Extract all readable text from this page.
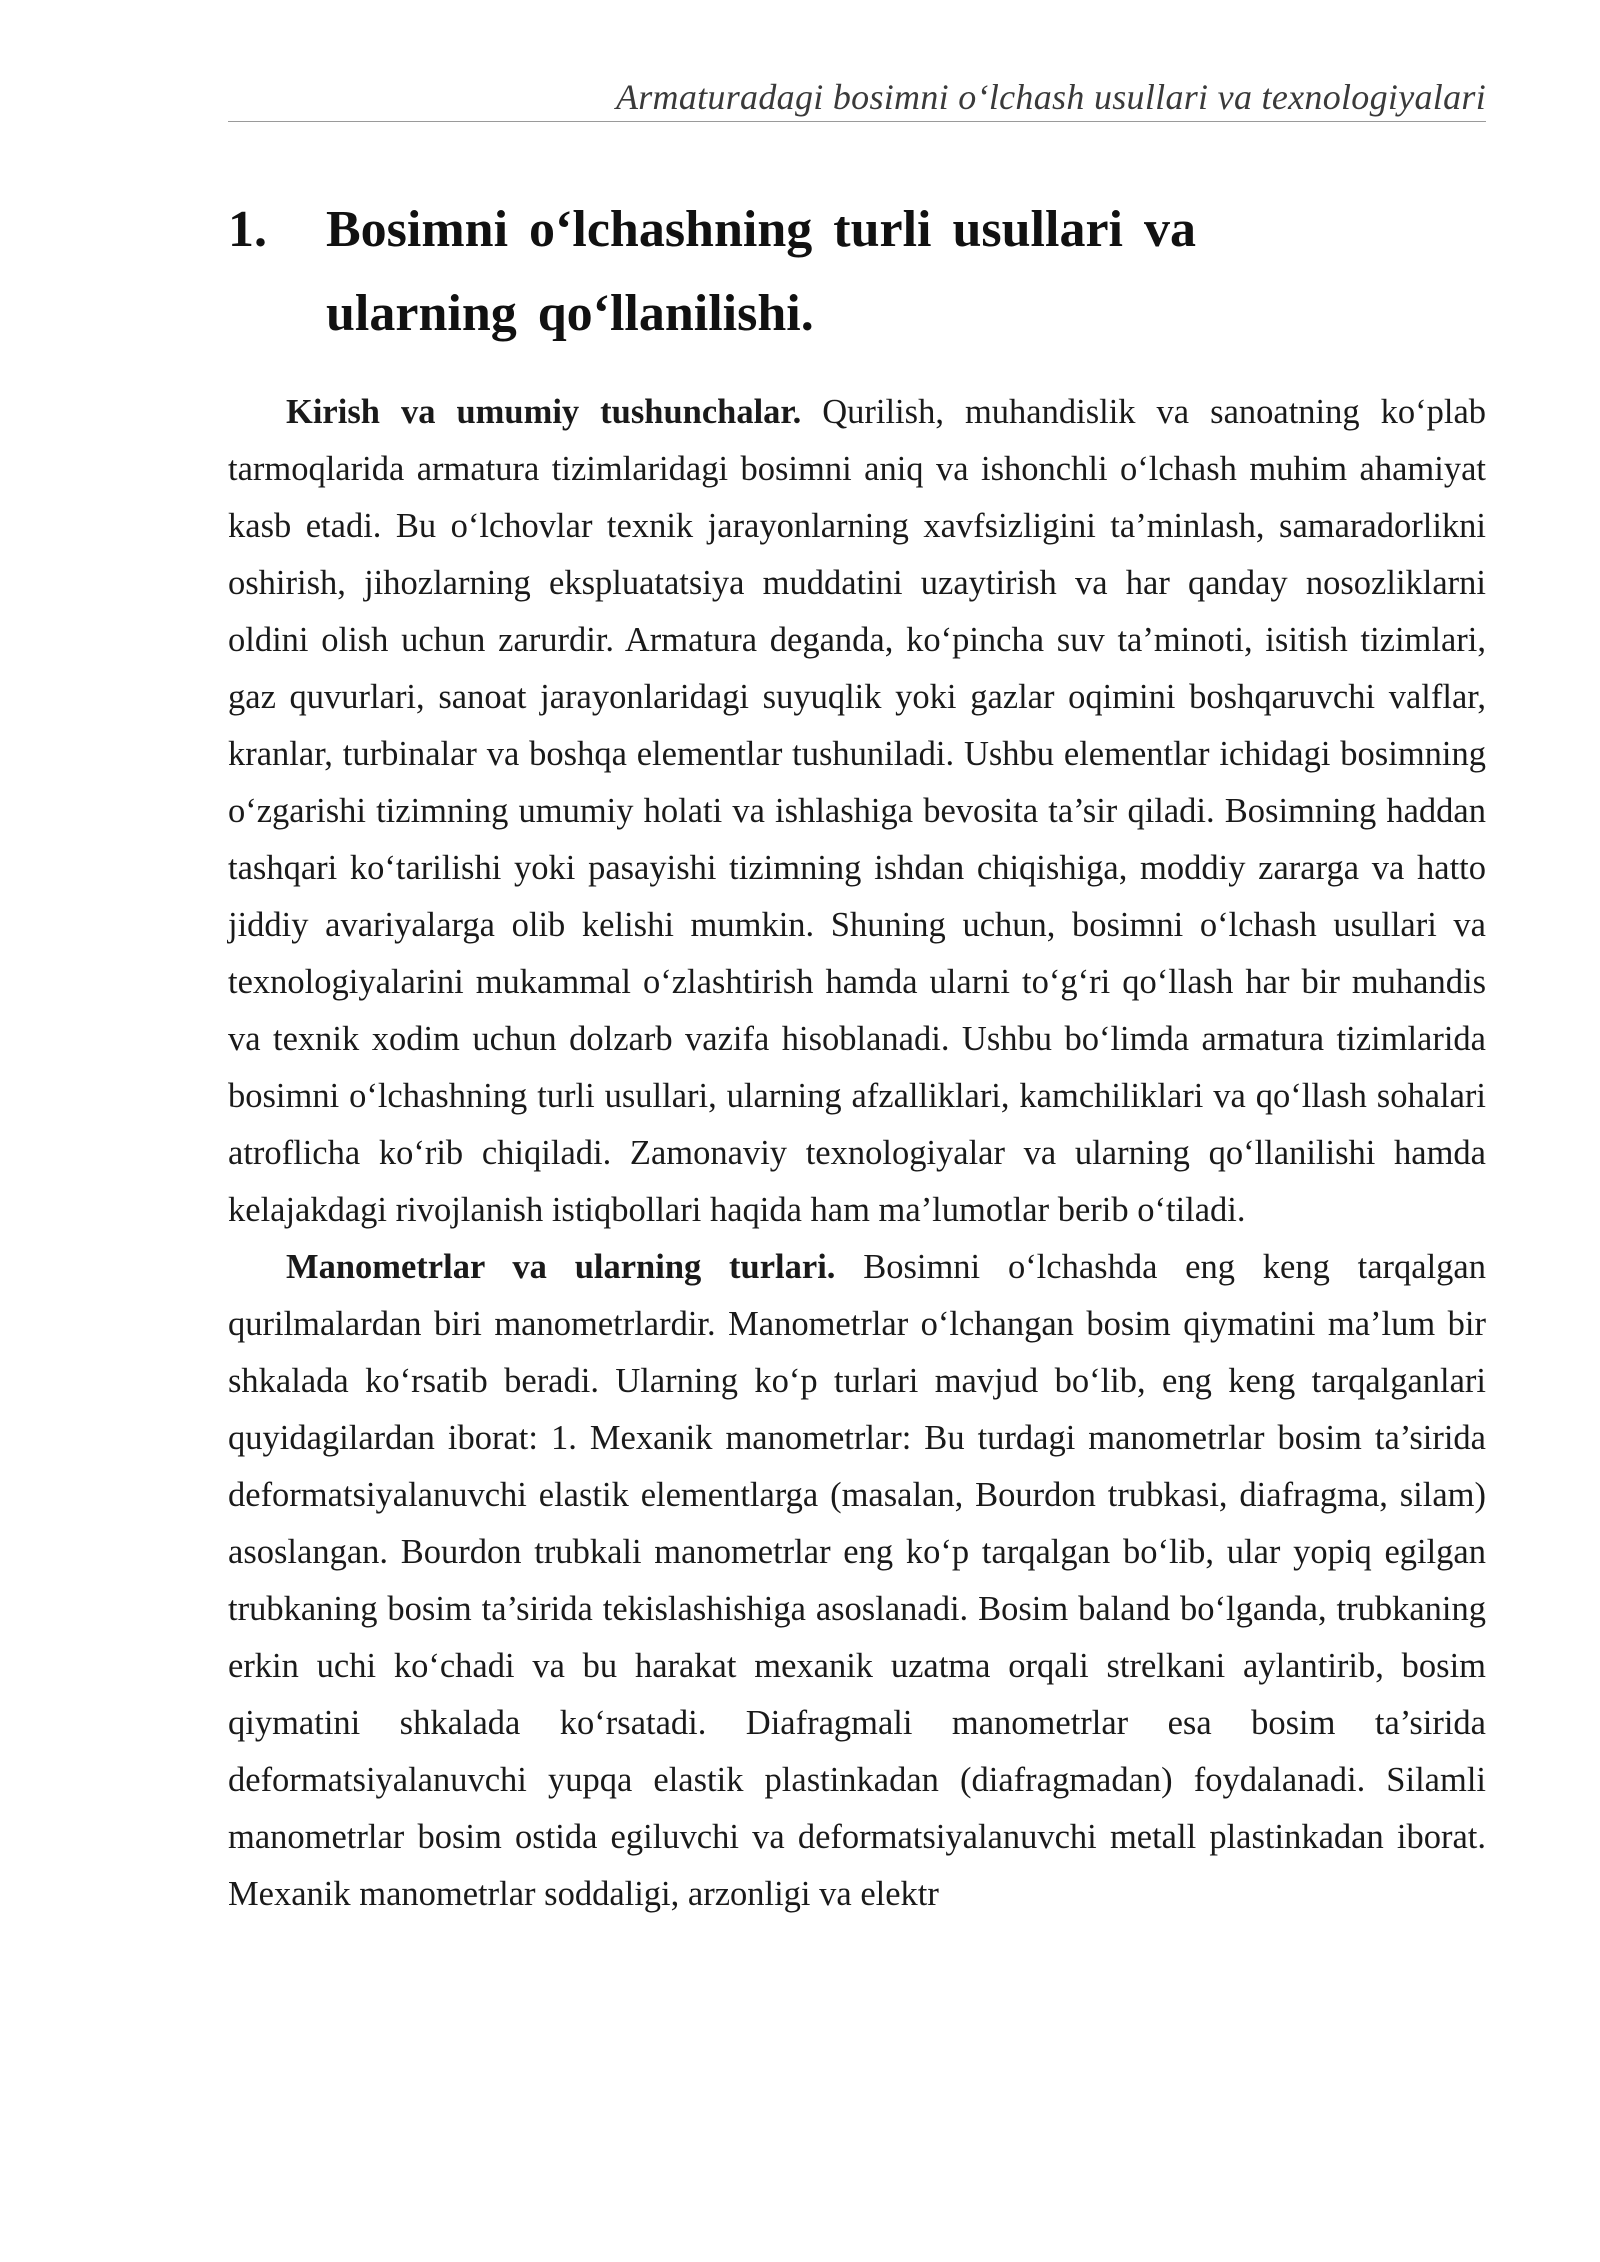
Armaturadagi bosimni o‘lchash usullari va texnologiyalari
1. Bosimni o‘lchashning turli usullari va ularning qo‘llanilishi.

Kirish va umumiy tushunchalar. Qurilish, muhandislik va sanoatning ko‘plab tarmoqlarida armatura tizimlaridagi bosimni aniq va ishonchli o‘lchash muhim ahamiyat kasb etadi. Bu o‘lchovlar texnik jarayonlarning xavfsizligini ta’minlash, samaradorlikni oshirish, jihozlarning ekspluatatsiya muddatini uzaytirish va har qanday nosozliklarni oldini olish uchun zarurdir. Armatura deganda, ko‘pincha suv ta’minoti, isitish tizimlari, gaz quvurlari, sanoat jarayonlaridagi suyuqlik yoki gazlar oqimini boshqaruvchi valflar, kranlar, turbinalar va boshqa elementlar tushuniladi. Ushbu elementlar ichidagi bosimning o‘zgarishi tizimning umumiy holati va ishlashiga bevosita ta’sir qiladi. Bosimning haddan tashqari ko‘tarilishi yoki pasayishi tizimning ishdan chiqishiga, moddiy zararga va hatto jiddiy avariyalarga olib kelishi mumkin. Shuning uchun, bosimni o‘lchash usullari va texnologiyalarini mukammal o‘zlashtirish hamda ularni to‘g‘ri qo‘llash har bir muhandis va texnik xodim uchun dolzarb vazifa hisoblanadi. Ushbu bo‘limda armatura tizimlarida bosimni o‘lchashning turli usullari, ularning afzalliklari, kamchiliklari va qo‘llash sohalari atroflicha ko‘rib chiqiladi. Zamonaviy texnologiyalar va ularning qo‘llanilishi hamda kelajakdagi rivojlanish istiqbollari haqida ham ma’lumotlar berib o‘tiladi.

Manometrlar va ularning turlari. Bosimni o‘lchashda eng keng tarqalgan qurilmalardan biri manometrlardir. Manometrlar o‘lchangan bosim qiymatini ma’lum bir shkalada ko‘rsatib beradi. Ularning ko‘p turlari mavjud bo‘lib, eng keng tarqalganlari quyidagilardan iborat: 1. Mexanik manometrlar: Bu turdagi manometrlar bosim ta’sirida deformatsiyalanuvchi elastik elementlarga (masalan, Bourdon trubkasi, diafragma, silam) asoslangan. Bourdon trubkali manometrlar eng ko‘p tarqalgan bo‘lib, ular yopiq egilgan trubkaning bosim ta’sirida tekislashishiga asoslanadi. Bosim baland bo‘lganda, trubkaning erkin uchi ko‘chadi va bu harakat mexanik uzatma orqali strelkani aylantirib, bosim qiymatini shkalada ko‘rsatadi. Diafragmali manometrlar esa bosim ta’sirida deformatsiyalanuvchi yupqa elastik plastinkadan (diafragmadan) foydalanadi. Silamli manometrlar bosim ostida egiluvchi va deformatsiyalanuvchi metall plastinkadan iborat. Mexanik manometrlar soddaligi, arzonligi va elektr
